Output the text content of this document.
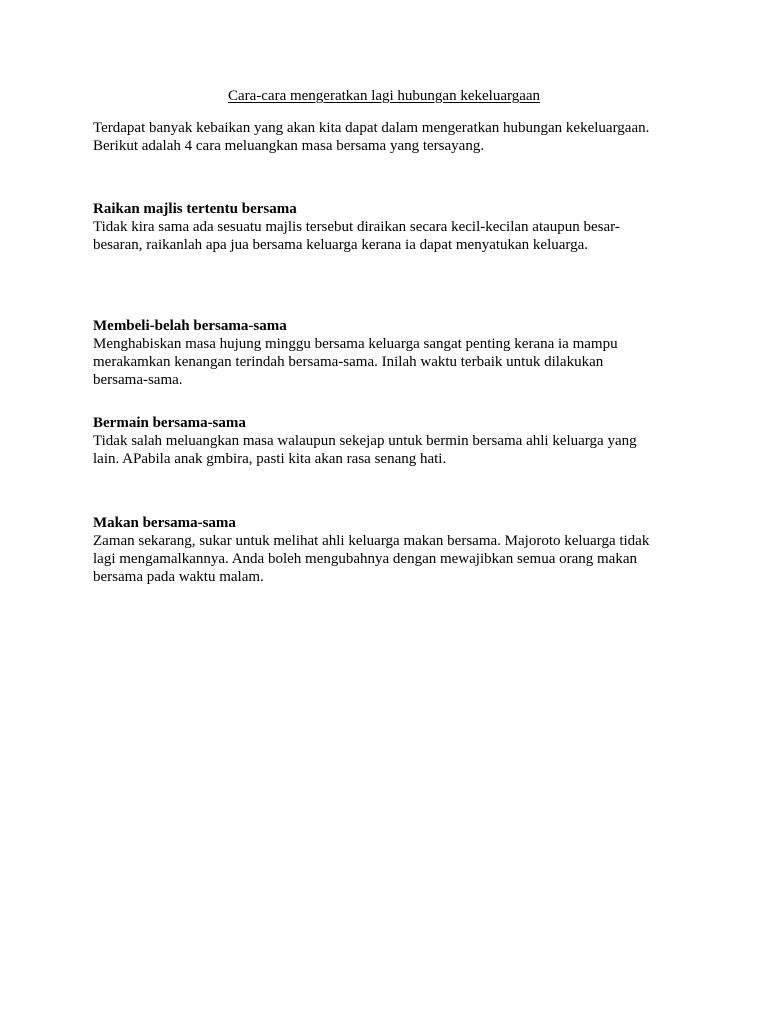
Cara-cara mengeratkan lagi hubungan kekeluargaan
Terdapat banyak kebaikan yang akan kita dapat dalam mengeratkan hubungan kekeluargaan.
Berikut adalah 4 cara meluangkan masa bersama yang tersayang.
Raikan majlis tertentu bersama
Tidak kira sama ada sesuatu majlis tersebut diraikan secara kecil-kecilan ataupun besar-
besaran, raikanlah apa jua bersama keluarga kerana ia dapat menyatukan keluarga.
Membeli-belah bersama-sama
Menghabiskan masa hujung minggu bersama keluarga sangat penting kerana ia mampu
merakamkan kenangan terindah bersama-sama. Inilah waktu terbaik untuk dilakukan
bersama-sama.
Bermain bersama-sama
Tidak salah meluangkan masa walaupun sekejap untuk bermin bersama ahli keluarga yang
lain. APabila anak gmbira, pasti kita akan rasa senang hati.
Makan bersama-sama
Zaman sekarang, sukar untuk melihat ahli keluarga makan bersama. Majoroto keluarga tidak
lagi mengamalkannya. Anda boleh mengubahnya dengan mewajibkan semua orang makan
bersama pada waktu malam.
